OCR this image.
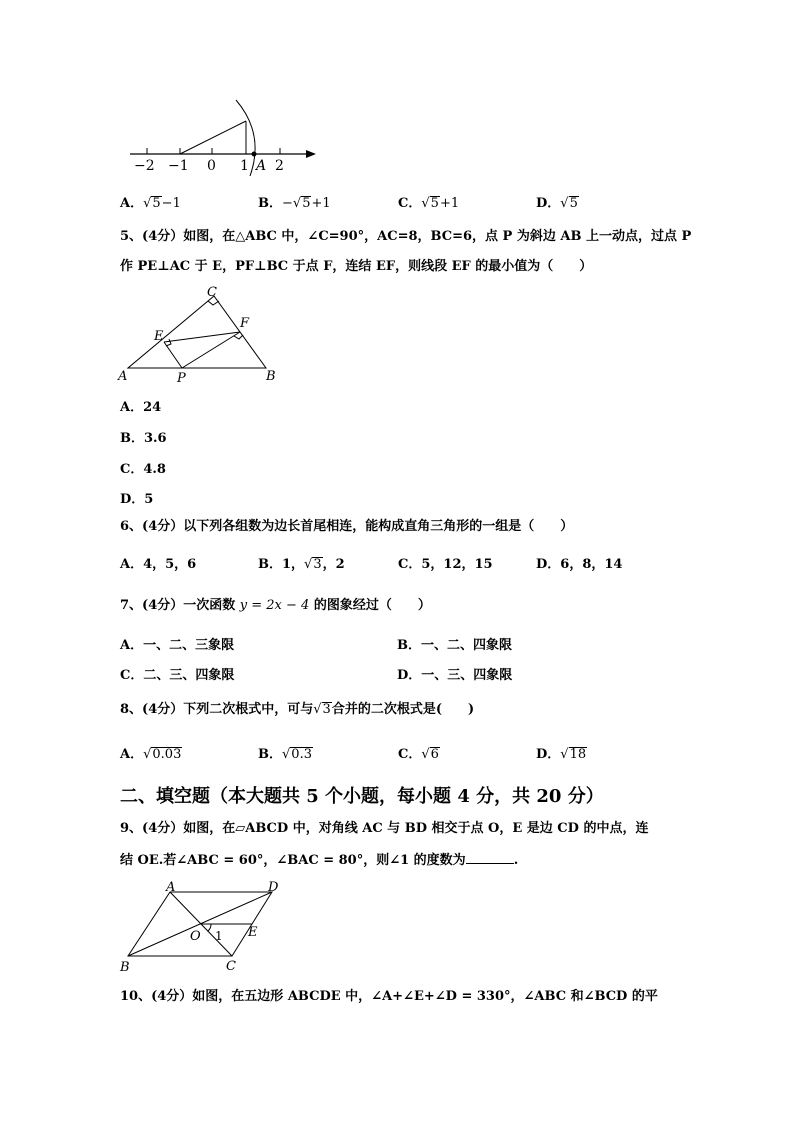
−2 −1 0 1 2
A
A．√5−1	B．−√5+1	C．√5+1	D．√5
5、(4分）如图，在△ABC 中，∠C=90°，AC=8，BC=6，点 P 为斜边 AB 上一动点，过点 P
作 PE⊥AC 于 E，PF⊥BC 于点 F，连结 EF，则线段 EF 的最小值为（　　）
A	B
C
E
F
P
A．24
B．3.6
C．4.8
D．5
6、(4分）以下列各组数为边长首尾相连，能构成直角三角形的一组是（　　）
A．4，5，6	B．1，√3，2	C．5，12，15	D．6，8，14
7、(4分）一次函数 y = 2x − 4 的图象经过（　　）
A．一、二、三象限	B．一、二、四象限
C．二、三、四象限	D．一、三、四象限
8、(4分）下列二次根式中，可与√3合并的二次根式是(　　)
A．√0.03	B．√0.3	C．√6	D．√18
二、填空题（本大题共 5 个小题，每小题 4 分，共 20 分）
9、(4分）如图，在▱ABCD 中，对角线 AC 与 BD 相交于点 O，E 是边 CD 的中点，连
结 OE.若∠ABC = 60°，∠BAC = 80°，则∠1 的度数为	.
A	D
B	C
O	E
1
10、(4分）如图，在五边形 ABCDE 中，∠A+∠E+∠D = 330°，∠ABC 和∠BCD 的平
